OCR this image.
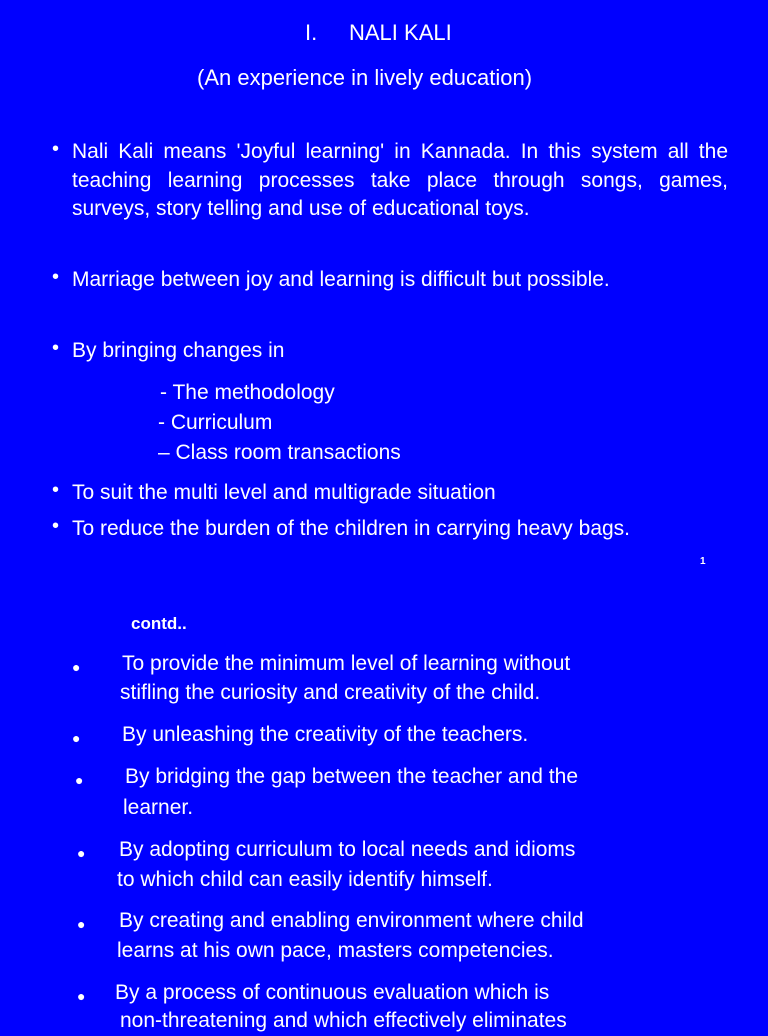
I. NALI KALI
(An experience in lively education)
• Nali Kali means 'Joyful learning' in Kannada. In this system all the teaching learning processes take place through songs, games, surveys, story telling and use of educational toys.
• Marriage between joy and learning is difficult but possible.
• By bringing changes in
- The methodology
- Curriculum
– Class room transactions
• To suit the multi level and multigrade situation
• To reduce the burden of the children in carrying heavy bags.
1
contd..
● To provide the minimum level of learning without
stifling the curiosity and creativity of the child.
● By unleashing the creativity of the teachers.
● By bridging the gap between the teacher and the
learner.
● By adopting curriculum to local needs and idioms
to which child can easily identify himself.
● By creating and enabling environment where child
learns at his own pace, masters competencies.
● By a process of continuous evaluation which is
non-threatening and which effectively eliminates
